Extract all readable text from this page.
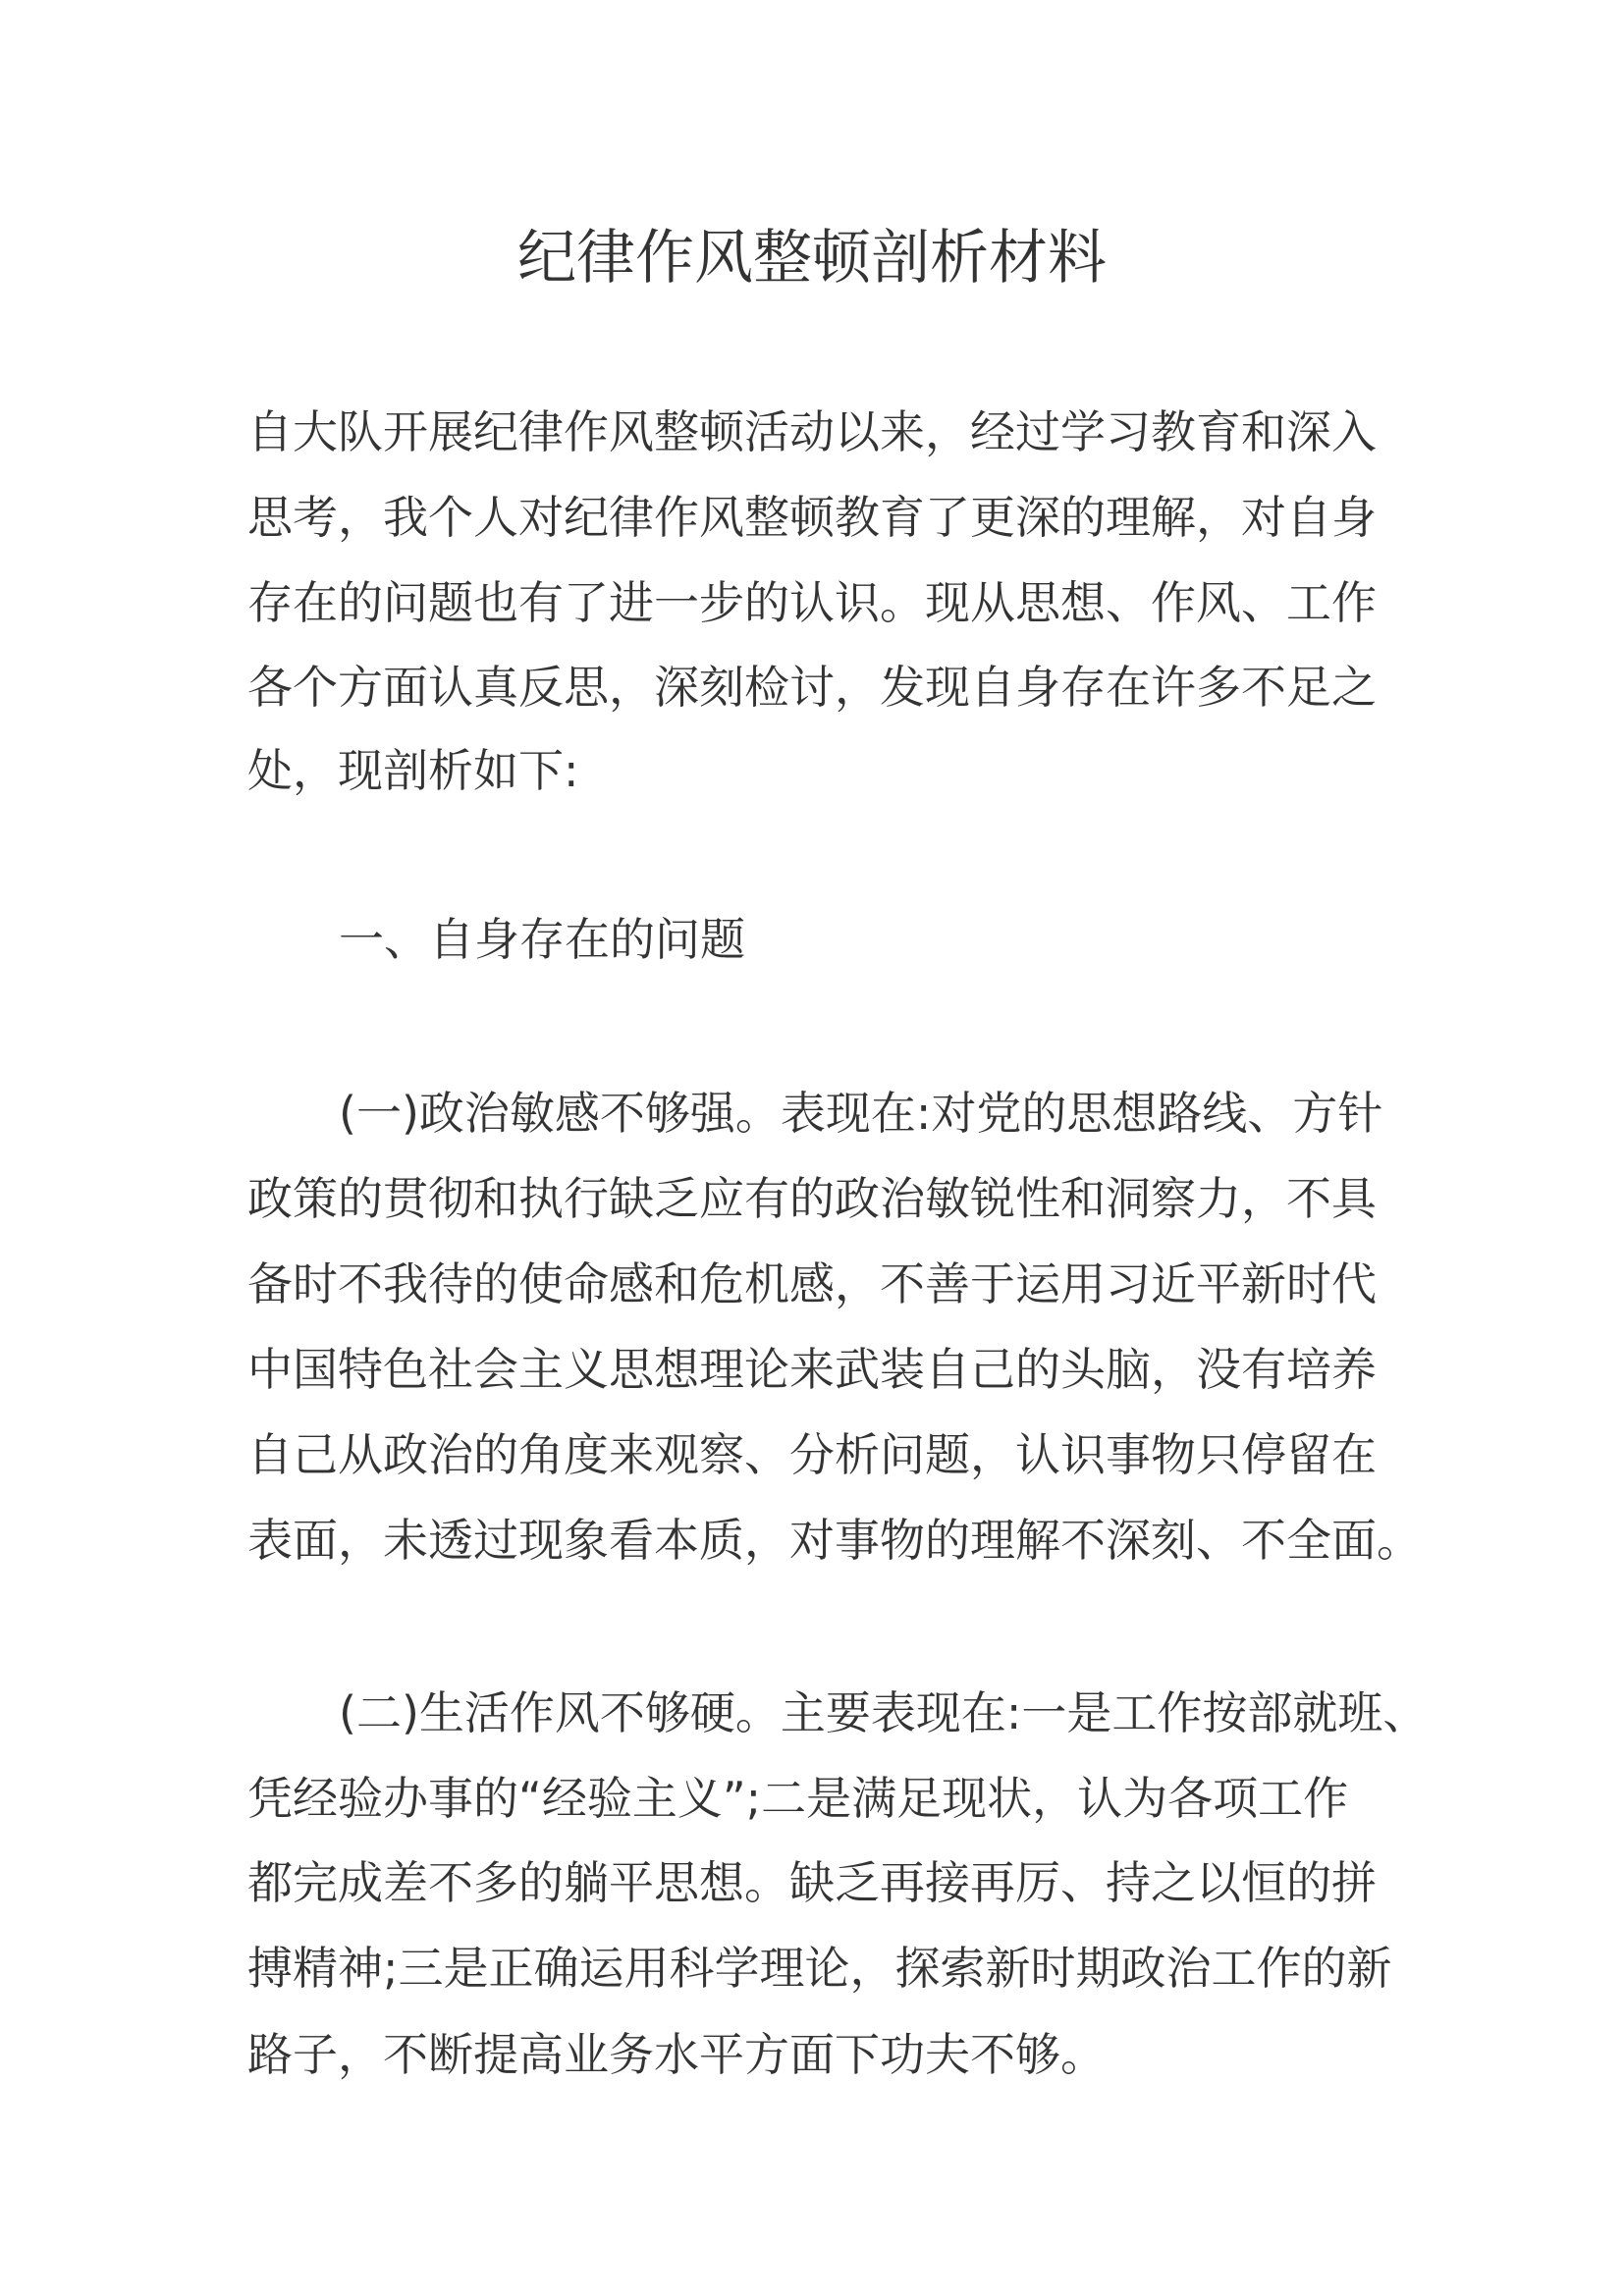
纪律作风整顿剖析材料
自大队开展纪律作风整顿活动以来，经过学习教育和深入
思考，我个人对纪律作风整顿教育了更深的理解，对自身
存在的问题也有了进一步的认识。现从思想、作风、工作
各个方面认真反思，深刻检讨，发现自身存在许多不足之
处，现剖析如下:
一、自身存在的问题
(一)政治敏感不够强。表现在:对党的思想路线、方针
政策的贯彻和执行缺乏应有的政治敏锐性和洞察力，不具
备时不我待的使命感和危机感，不善于运用习近平新时代
中国特色社会主义思想理论来武装自己的头脑，没有培养
自己从政治的角度来观察、分析问题，认识事物只停留在
表面，未透过现象看本质，对事物的理解不深刻、不全面。
(二)生活作风不够硬。主要表现在:一是工作按部就班、
凭经验办事的“经验主义”;二是满足现状，认为各项工作
都完成差不多的躺平思想。缺乏再接再厉、持之以恒的拼
搏精神;三是正确运用科学理论，探索新时期政治工作的新
路子，不断提高业务水平方面下功夫不够。
